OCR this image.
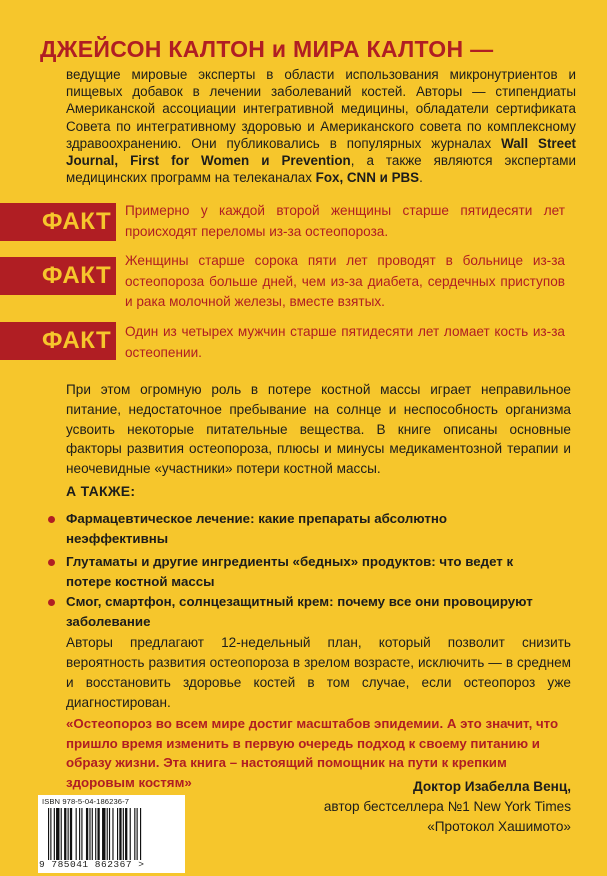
ДЖЕЙСОН КАЛТОН и МИРА КАЛТОН —
ведущие мировые эксперты в области использования микронутриентов и пищевых добавок в лечении заболеваний костей. Авторы — стипендиаты Американской ассоциации интегративной медицины, обладатели сертификата Совета по интегративному здоровью и Американского совета по комплексному здравоохранению. Они публиковались в популярных журналах Wall Street Journal, First for Women и Prevention, а также являются экспертами медицинских программ на телеканалах Fox, CNN и PBS.
ФАКТ	Примерно у каждой второй женщины старше пятидесяти лет происходят переломы из-за остеопороза.
ФАКТ
Женщины старше сорока пяти лет проводят в больнице из-за остеопороза больше дней, чем из-за диабета, сердечных приступов и рака молочной железы, вместе взятых.
ФАКТ	Один из четырех мужчин старше пятидесяти лет ломает кость из-за остеопении.
При этом огромную роль в потере костной массы играет неправильное питание, недостаточное пребывание на солнце и неспособность организма усвоить некоторые питательные вещества. В книге описаны основные факторы развития остеопороза, плюсы и минусы медикаментозной терапии и неочевидные «участники» потери костной массы.
А ТАКЖЕ:
Фармацевтическое лечение: какие препараты абсолютно неэффективны
Глутаматы и другие ингредиенты «бедных» продуктов: что ведет к потере костной массы
Смог, смартфон, солнцезащитный крем: почему все они провоцируют заболевание
Авторы предлагают 12-недельный план, который позволит снизить вероятность развития остеопороза в зрелом возрасте, исключить — в среднем и восстановить здоровье костей в том случае, если остеопороз уже диагностирован.
«Остеопороз во всем мире достиг масштабов эпидемии. А это значит, что пришло время изменить в первую очередь подход к своему питанию и образу жизни. Эта книга – настоящий помощник на пути к крепким здоровым костям»	Доктор Изабелла Венц,
автор бестселлера №1 New York Times
«Протокол Хашимото»
ISBN 978-5-04-186236-7
9 785041 862367 >
